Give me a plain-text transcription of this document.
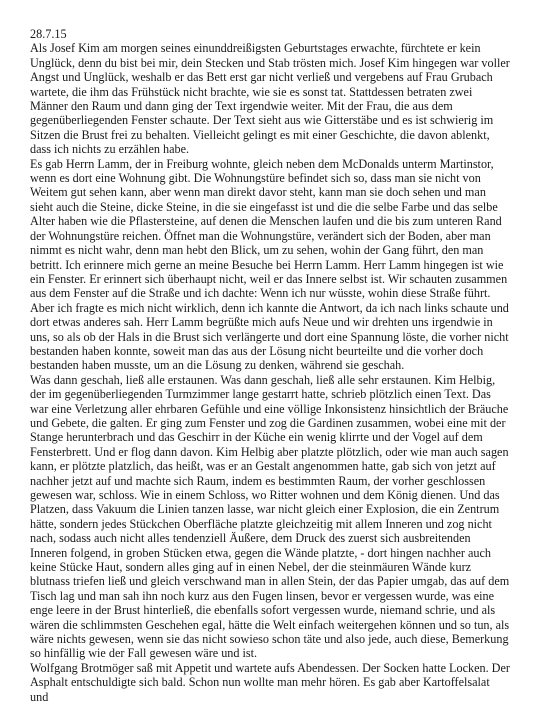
28.7.15
Als Josef Kim am morgen seines einunddreißigsten Geburtstages erwachte, fürchtete er kein Unglück, denn du bist bei mir, dein Stecken und Stab trösten mich. Josef Kim hingegen war voller Angst und Unglück, weshalb er das Bett erst gar nicht verließ und vergebens auf Frau Grubach wartete, die ihm das Frühstück nicht brachte, wie sie es sonst tat. Stattdessen betraten zwei Männer den Raum und dann ging der Text irgendwie weiter. Mit der Frau, die aus dem gegenüberliegenden Fenster schaute. Der Text sieht aus wie Gitterstäbe und es ist schwierig im Sitzen die Brust frei zu behalten. Vielleicht gelingt es mit einer Geschichte, die davon ablenkt, dass ich nichts zu erzählen habe.
Es gab Herrn Lamm, der in Freiburg wohnte, gleich neben dem McDonalds unterm Martinstor, wenn es dort eine Wohnung gibt. Die Wohnungstüre befindet sich so, dass man sie nicht von Weitem gut sehen kann, aber wenn man direkt davor steht, kann man sie doch sehen und man sieht auch die Steine, dicke Steine, in die sie eingefasst ist und die die selbe Farbe und das selbe Alter haben wie die Pflastersteine, auf denen die Menschen laufen und die bis zum unteren Rand der Wohnungstüre reichen. Öffnet man die Wohnungstüre, verändert sich der Boden, aber man nimmt es nicht wahr, denn man hebt den Blick, um zu sehen, wohin der Gang führt, den man betritt. Ich erinnere mich gerne an meine Besuche bei Herrn Lamm. Herr Lamm hingegen ist wie ein Fenster. Er erinnert sich überhaupt nicht, weil er das Innere selbst ist. Wir schauten zusammen aus dem Fenster auf die Straße und ich dachte: Wenn ich nur wüsste, wohin diese Straße führt. Aber ich fragte es mich nicht wirklich, denn ich kannte die Antwort, da ich nach links schaute und dort etwas anderes sah. Herr Lamm begrüßte mich aufs Neue und wir drehten uns irgendwie in uns, so als ob der Hals in die Brust sich verlängerte und dort eine Spannung löste, die vorher nicht bestanden haben konnte, soweit man das aus der Lösung nicht beurteilte und die vorher doch bestanden haben musste, um an die Lösung zu denken, während sie geschah.
Was dann geschah, ließ alle erstaunen. Was dann geschah, ließ alle sehr erstaunen. Kim Helbig, der im gegenüberliegenden Turmzimmer lange gestarrt hatte, schrieb plötzlich einen Text. Das war eine Verletzung aller ehrbaren Gefühle und eine völlige Inkonsistenz hinsichtlich der Bräuche und Gebete, die galten. Er ging zum Fenster und zog die Gardinen zusammen, wobei eine mit der Stange herunterbrach und das Geschirr in der Küche ein wenig klirrte und der Vogel auf dem Fensterbrett. Und er flog dann davon. Kim Helbig aber platzte plötzlich, oder wie man auch sagen kann, er plötzte platzlich, das heißt, was er an Gestalt angenommen hatte, gab sich von jetzt auf nachher jetzt auf und machte sich Raum, indem es bestimmten Raum, der vorher geschlossen gewesen war, schloss. Wie in einem Schloss, wo Ritter wohnen und dem König dienen. Und das Platzen, dass Vakuum die Linien tanzen lasse, war nicht gleich einer Explosion, die ein Zentrum hätte, sondern jedes Stückchen Oberfläche platzte gleichzeitig mit allem Inneren und zog nicht nach, sodass auch nicht alles tendenziell Äußere, dem Druck des zuerst sich ausbreitenden Inneren folgend, in groben Stücken etwa, gegen die Wände platzte, - dort hingen nachher auch keine Stücke Haut, sondern alles ging auf in einen Nebel, der die steinmäuren Wände kurz blutnass triefen ließ und gleich verschwand man in allen Stein, der das Papier umgab, das auf dem Tisch lag und man sah ihn noch kurz aus den Fugen linsen, bevor er vergessen wurde, was eine enge leere in der Brust hinterließ, die ebenfalls sofort vergessen wurde, niemand schrie, und als wären die schlimmsten Geschehen egal, hätte die Welt einfach weitergehen können und so tun, als wäre nichts gewesen, wenn sie das nicht sowieso schon täte und also jede, auch diese, Bemerkung so hinfällig wie der Fall gewesen wäre und ist.
Wolfgang Brotmöger saß mit Appetit und wartete aufs Abendessen. Der Socken hatte Locken. Der Asphalt entschuldigte sich bald. Schon nun wollte man mehr hören. Es gab aber Kartoffelsalat und
